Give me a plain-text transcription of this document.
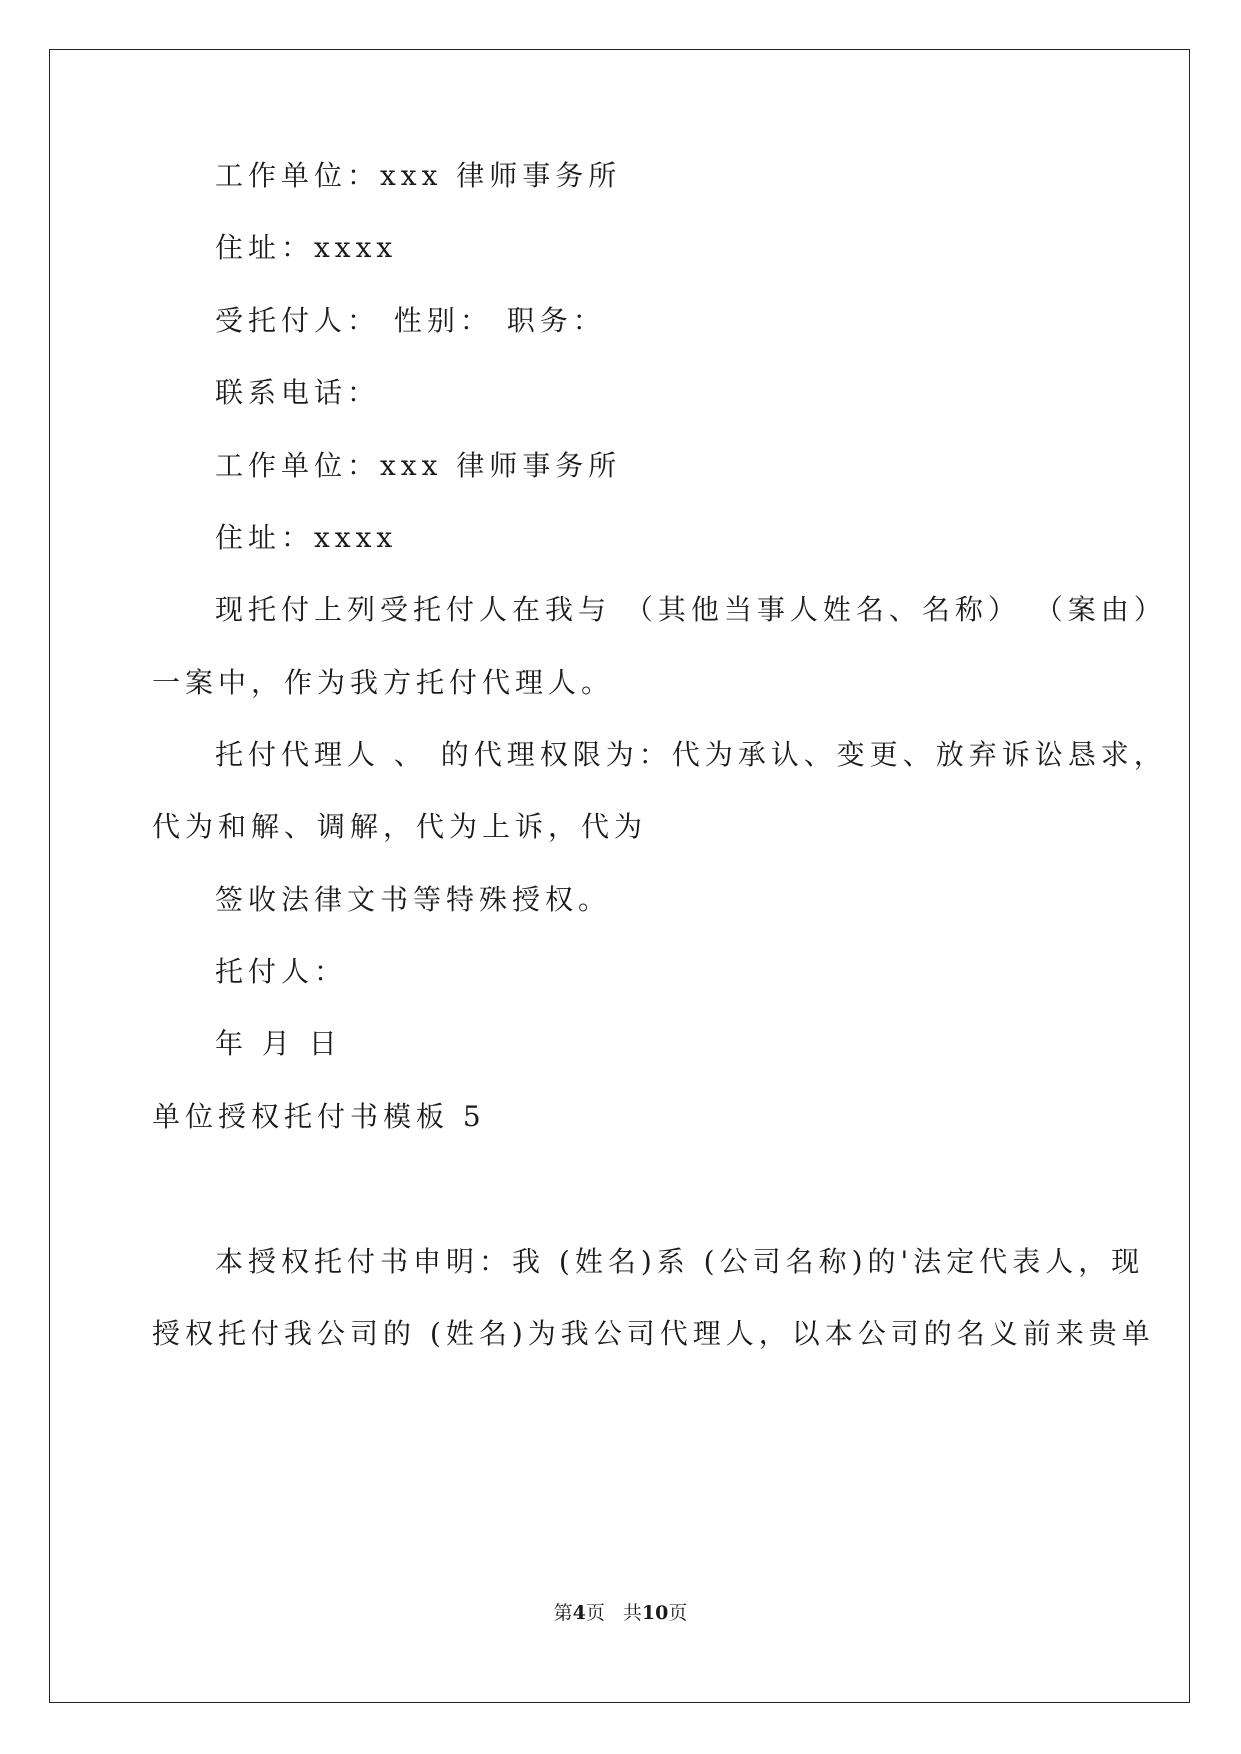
工作单位：xxx 律师事务所
住址：xxxx
受托付人： 性别： 职务：
联系电话：
工作单位：xxx 律师事务所
住址：xxxx
现托付上列受托付人在我与 （其他当事人姓名、名称） （案由）
一案中，作为我方托付代理人。
托付代理人 、 的代理权限为：代为承认、变更、放弃诉讼恳求，
代为和解、调解，代为上诉，代为
签收法律文书等特殊授权。
托付人：
年 月 日
单位授权托付书模板 5
本授权托付书申明：我 (姓名)系 (公司名称)的'法定代表人，现
授权托付我公司的 (姓名)为我公司代理人，以本公司的名义前来贵单
第4页 共10页
